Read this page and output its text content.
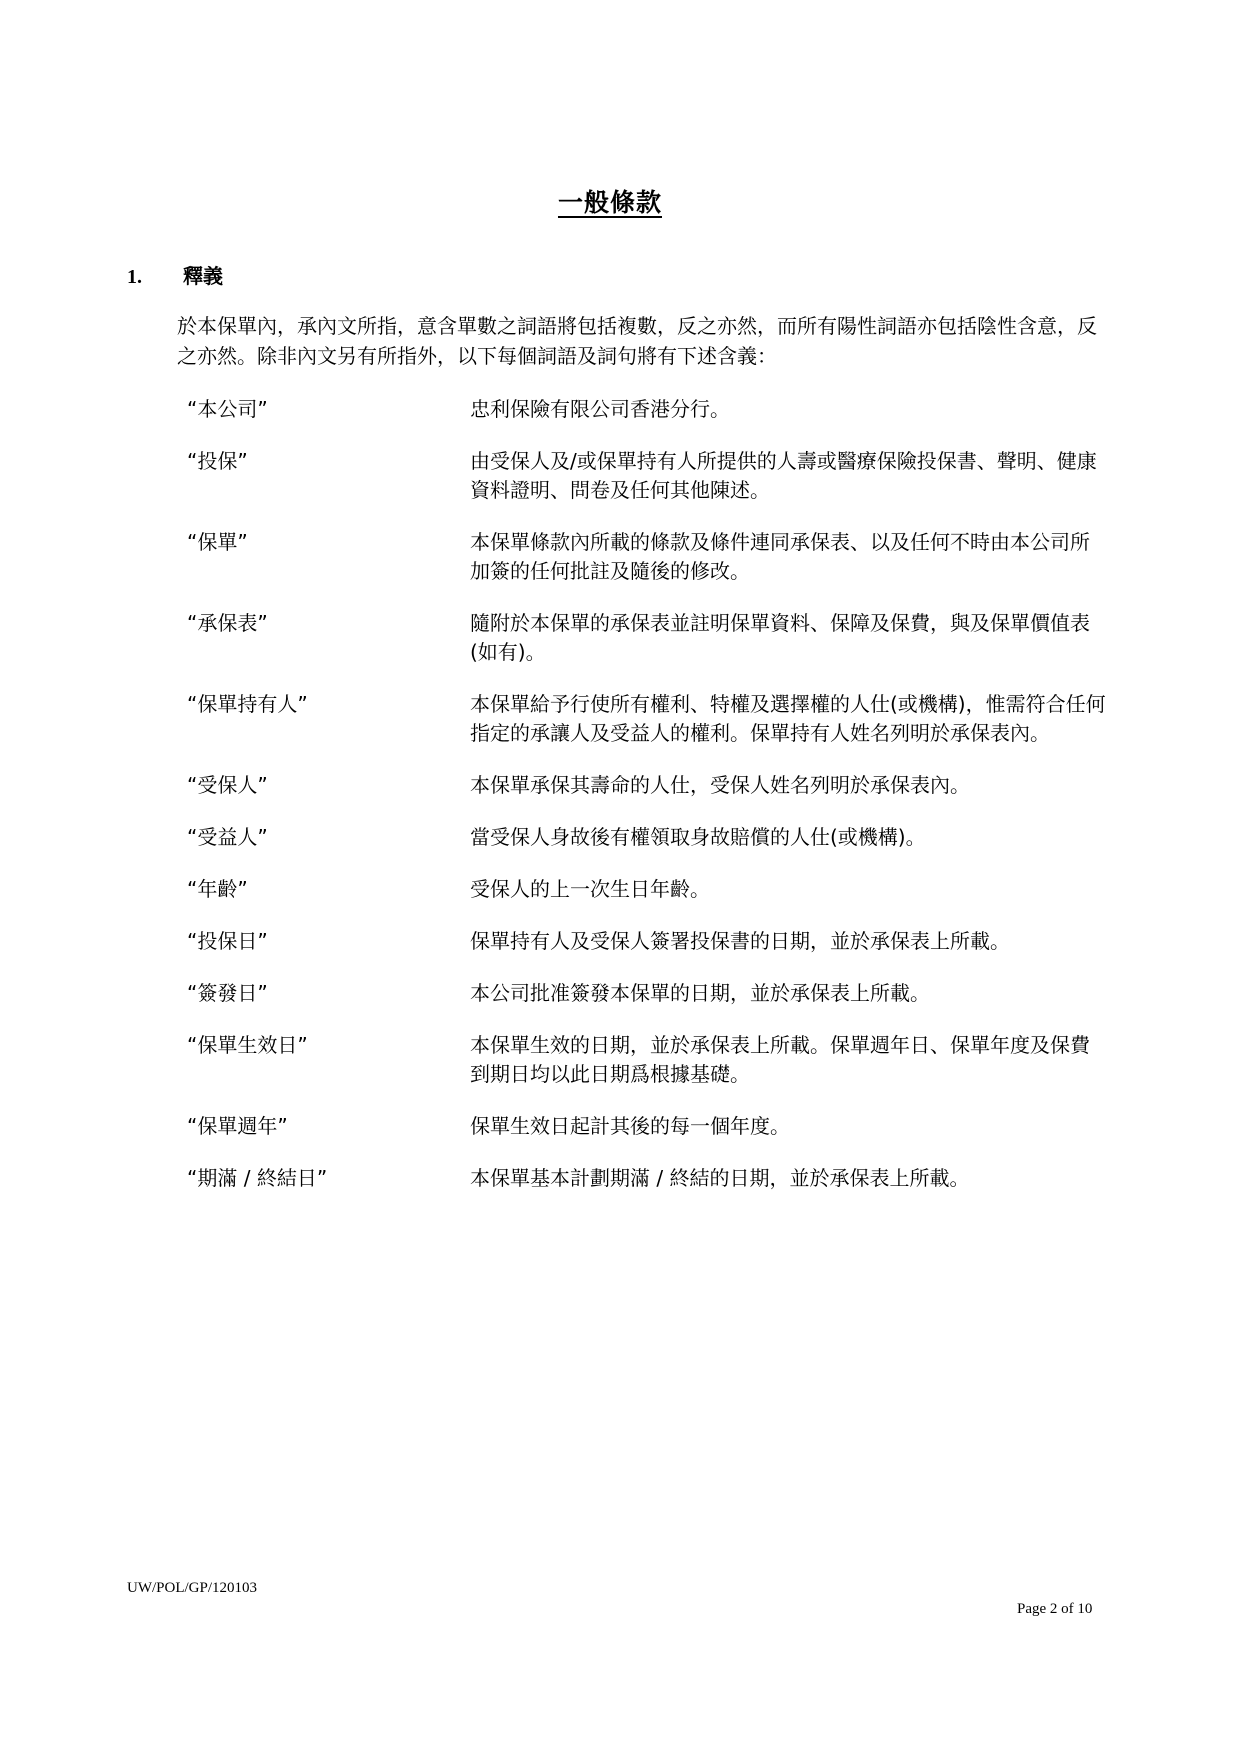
一般條款
1. 釋義

於本保單內，承內文所指，意含單數之詞語將包括複數，反之亦然，而所有陽性詞語亦包括陰性含意，反之亦然。除非內文另有所指外，以下每個詞語及詞句將有下述含義：

“本公司”	忠利保險有限公司香港分行。
“投保”	由受保人及/或保單持有人所提供的人壽或醫療保險投保書、聲明、健康資料證明、問卷及任何其他陳述。
“保單”	本保單條款內所載的條款及條件連同承保表、以及任何不時由本公司所加簽的任何批註及隨後的修改。
“承保表”	隨附於本保單的承保表並註明保單資料、保障及保費，與及保單價值表(如有)。
“保單持有人”	本保單給予行使所有權利、特權及選擇權的人仕(或機構)，惟需符合任何指定的承讓人及受益人的權利。保單持有人姓名列明於承保表內。
“受保人”	本保單承保其壽命的人仕，受保人姓名列明於承保表內。
“受益人”	當受保人身故後有權領取身故賠償的人仕(或機構)。
“年齡”	受保人的上一次生日年齡。
“投保日”	保單持有人及受保人簽署投保書的日期，並於承保表上所載。
“簽發日”	本公司批准簽發本保單的日期，並於承保表上所載。
“保單生效日”	本保單生效的日期，並於承保表上所載。保單週年日、保單年度及保費到期日均以此日期爲根據基礎。
“保單週年”	保單生效日起計其後的每一個年度。
“期滿 / 終結日”	本保單基本計劃期滿 / 終結的日期，並於承保表上所載。

UW/POL/GP/120103

Page 2 of 10
